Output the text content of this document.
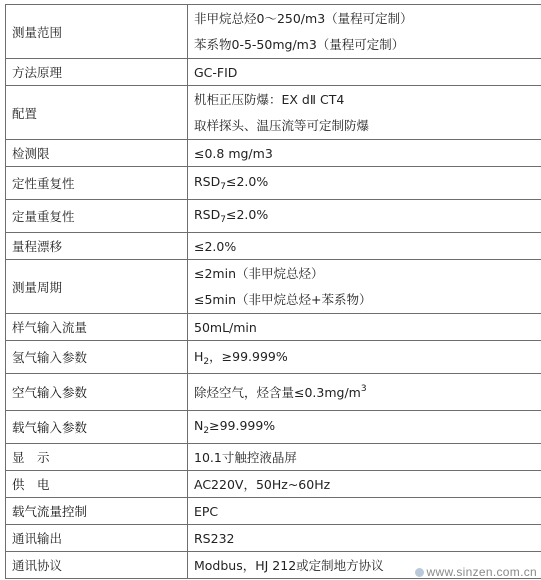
测量范围	非甲烷总烃0～250/m3（量程可定制）
苯系物0-5-50mg/m3（量程可定制）

方法原理	GC-FID
配置	机柜正压防爆：EX dⅡ CT4
取样探头、温压流等可定制防爆

检测限	≤0.8 mg/m3
定性重复性	$RSD_7\le 2.0\%$
定量重复性	$RSD_7\le 2.0\%$
量程漂移	≤2.0%
测量周期	≤2min（非甲烷总烃）
≤5min（非甲烷总烃+苯系物）

样气输入流量	50mL/min
氢气输入参数	$H_2$，≥99.999%
空气输入参数	除烃空气，烃含量$\le 0.3mg/m^3$
载气输入参数	$N_2\ge 99.999\%$
显　示	10.1寸触控液晶屏
供　电	AC220V，50Hz~60Hz
载气流量控制	EPC
通讯输出	RS232
通讯协议	Modbus，HJ 212或定制地方协议	www.sinzen.com.cn
